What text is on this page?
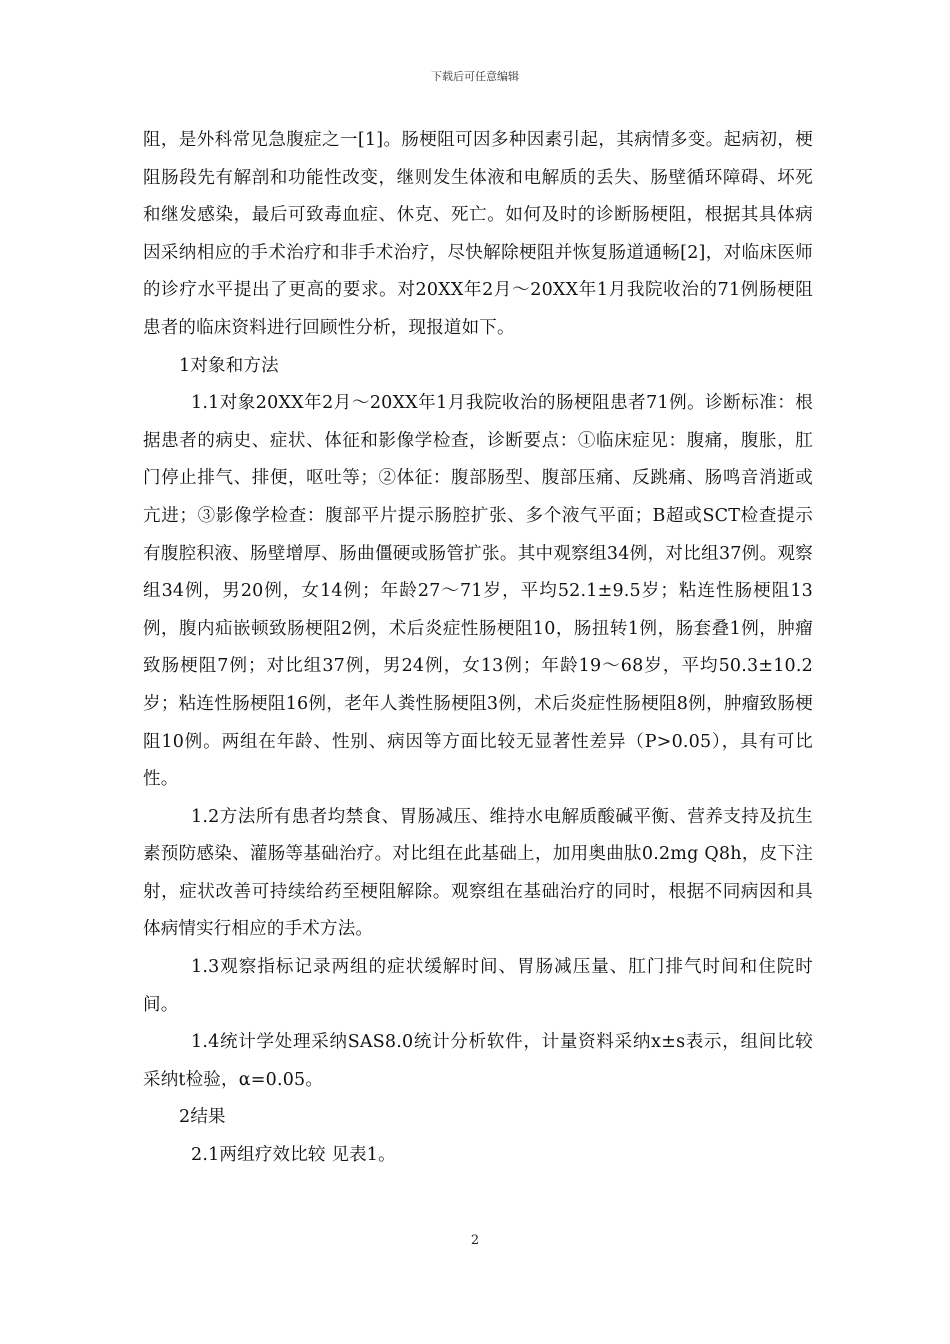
下载后可任意编辑

阻，是外科常见急腹症之一[1]。肠梗阻可因多种因素引起，其病情多变。起病初，梗阻肠段先有解剖和功能性改变，继则发生体液和电解质的丢失、肠壁循环障碍、坏死和继发感染，最后可致毒血症、休克、死亡。如何及时的诊断肠梗阻，根据其具体病因采纳相应的手术治疗和非手术治疗，尽快解除梗阻并恢复肠道通畅[2]，对临床医师的诊疗水平提出了更高的要求。对20XX年2月～20XX年1月我院收治的71例肠梗阻患者的临床资料进行回顾性分析，现报道如下。

1对象和方法

1.1对象20XX年2月～20XX年1月我院收治的肠梗阻患者71例。诊断标准：根据患者的病史、症状、体征和影像学检查，诊断要点：①临床症见：腹痛，腹胀，肛门停止排气、排便，呕吐等；②体征：腹部肠型、腹部压痛、反跳痛、肠鸣音消逝或亢进；③影像学检查：腹部平片提示肠腔扩张、多个液气平面；B超或SCT检查提示有腹腔积液、肠壁增厚、肠曲僵硬或肠管扩张。其中观察组34例，对比组37例。观察组34例，男20例，女14例；年龄27～71岁，平均52.1±9.5岁；粘连性肠梗阻13例，腹内疝嵌顿致肠梗阻2例，术后炎症性肠梗阻10，肠扭转1例，肠套叠1例，肿瘤致肠梗阻7例；对比组37例，男24例，女13例；年龄19～68岁，平均50.3±10.2岁；粘连性肠梗阻16例，老年人粪性肠梗阻3例，术后炎症性肠梗阻8例，肿瘤致肠梗阻10例。两组在年龄、性别、病因等方面比较无显著性差异（P>0.05），具有可比性。

1.2方法所有患者均禁食、胃肠减压、维持水电解质酸碱平衡、营养支持及抗生素预防感染、灌肠等基础治疗。对比组在此基础上，加用奥曲肽0.2mg Q8h，皮下注射，症状改善可持续给药至梗阻解除。观察组在基础治疗的同时，根据不同病因和具体病情实行相应的手术方法。

1.3观察指标记录两组的症状缓解时间、胃肠减压量、肛门排气时间和住院时间。

1.4统计学处理采纳SAS8.0统计分析软件，计量资料采纳x±s表示，组间比较采纳t检验，α=0.05。

2结果

2.1两组疗效比较 见表1。

2
